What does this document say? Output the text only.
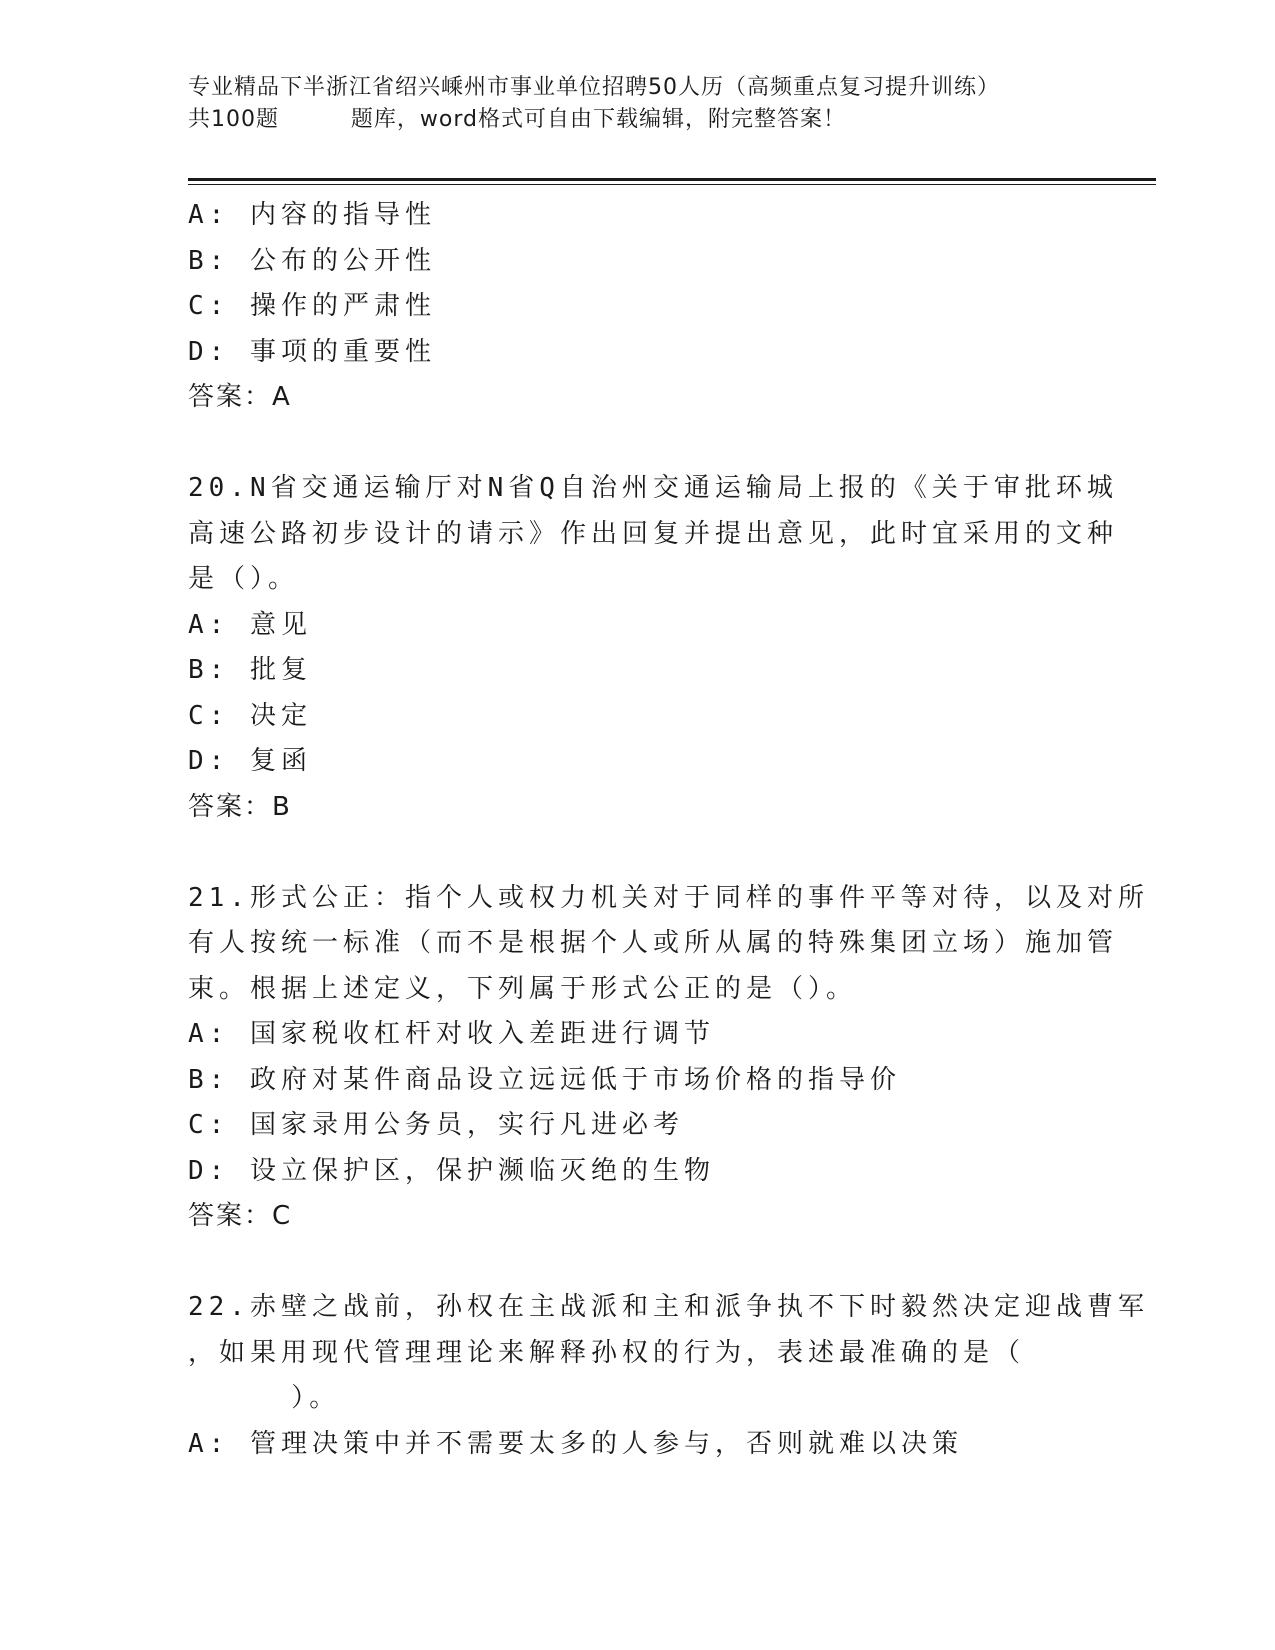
专业精品下半浙江省绍兴嵊州市事业单位招聘50人历（高频重点复习提升训练）
共100题         题库，word格式可自由下载编辑，附完整答案！
A: 内容的指导性
B: 公布的公开性
C: 操作的严肃性
D: 事项的重要性
答案：A
20.N省交通运输厅对N省Q自治州交通运输局上报的《关于审批环城
高速公路初步设计的请示》作出回复并提出意见，此时宜采用的文种
是（）。
A: 意见
B: 批复
C: 决定
D: 复函
答案：B
21.形式公正：指个人或权力机关对于同样的事件平等对待，以及对所
有人按统一标准（而不是根据个人或所从属的特殊集团立场）施加管
束。根据上述定义，下列属于形式公正的是（）。
A: 国家税收杠杆对收入差距进行调节
B: 政府对某件商品设立远远低于市场价格的指导价
C: 国家录用公务员，实行凡进必考
D: 设立保护区，保护濒临灭绝的生物
答案：C
22.赤壁之战前，孙权在主战派和主和派争执不下时毅然决定迎战曹军
，如果用现代管理理论来解释孙权的行为，表述最准确的是（
）。
A: 管理决策中并不需要太多的人参与，否则就难以决策
